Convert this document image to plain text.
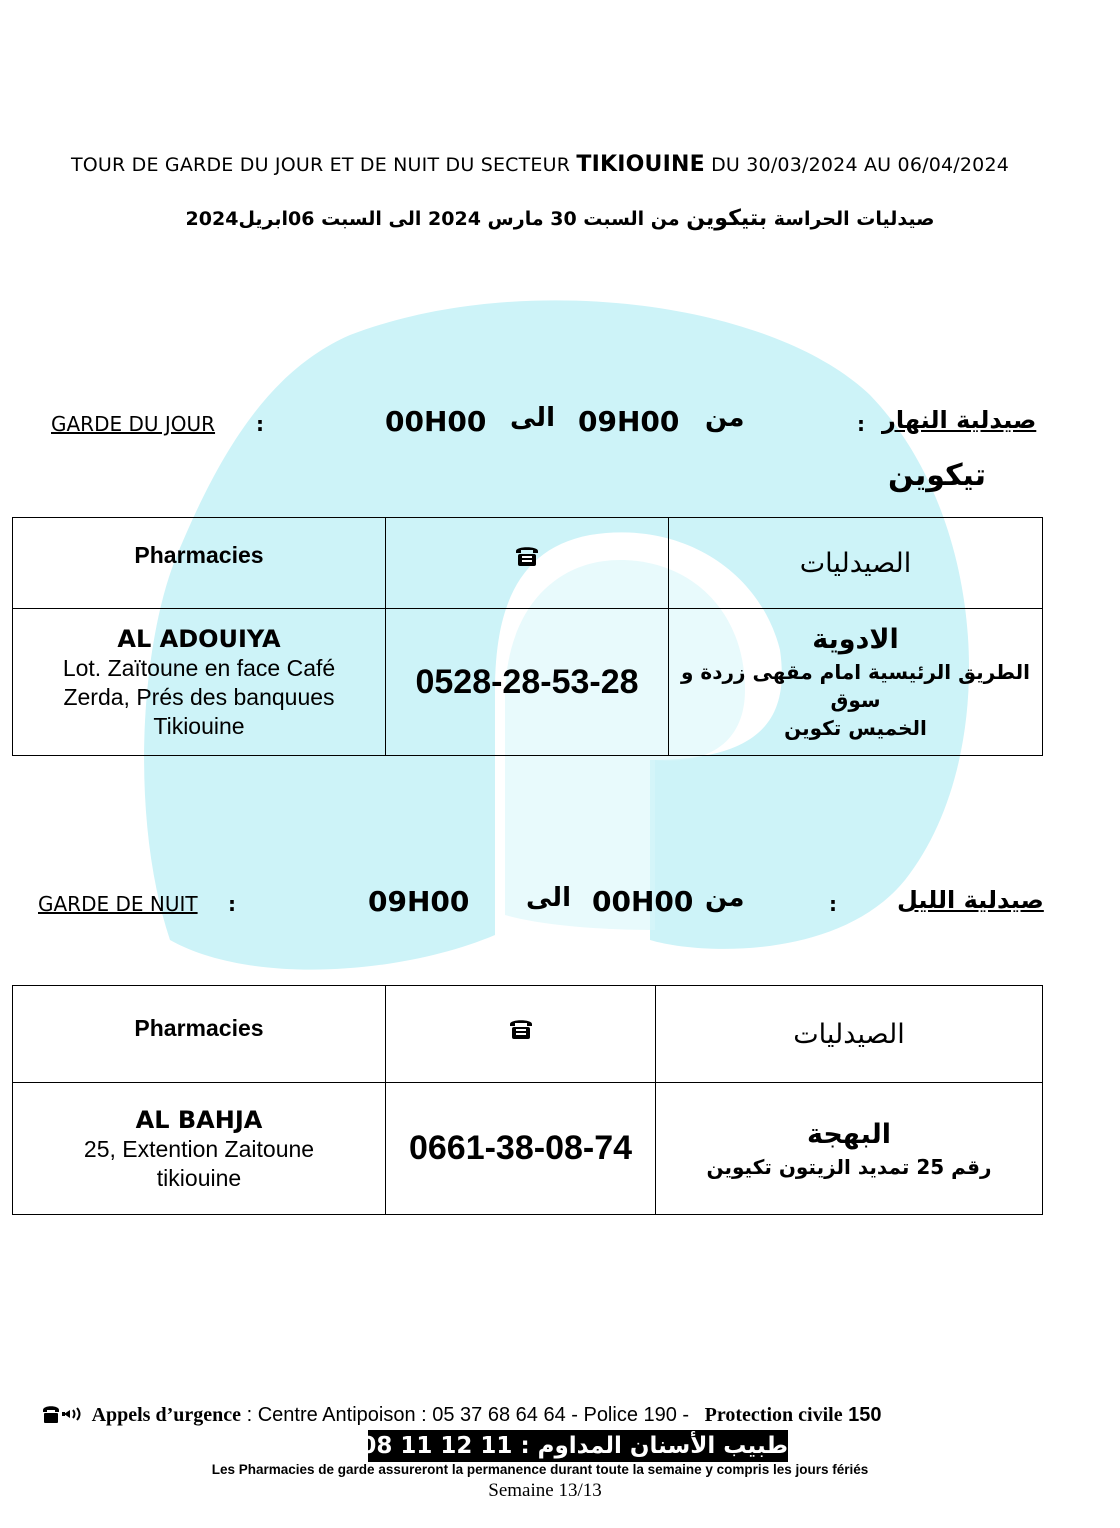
TOUR DE GARDE DU JOUR ET DE NUIT DU SECTEUR TIKIOUINE DU 30/03/2024 AU 06/04/2024
صيدليات الحراسة بتيكوين من السبت 30 مارس 2024 الى السبت 06ابريل2024
GARDE DU JOUR :	00H00 الى 09H00 من	: صيدلية النهار
تيكوين
Pharmacies		الصيدليات

AL ADOUIYA
Lot. Zaïtoune en face Café
Zerda, Prés des banquues
Tikiouine	0528-28-53-28	الادوية
الطريق الرئيسية امام مقهى زردة و سوق
الخميس تكوين
GARDE DE NUIT :	09H00 الى 00H00 من	:	صيدلية الليل
Pharmacies		الصيدليات

AL BAHJA
25, Extention Zaitoune
tikiouine	0661-38-08-74	البهجة
رقم 25 تمديد الزيتون تكيوين
Appels d’urgence : Centre Antipoison : 05 37 68 64 64 - Police 190 - Protection civile 150
طبيب الأسنان المداوم : 11 12 11 08 06
Les Pharmacies de garde assureront la permanence durant toute la semaine y compris les jours fériés
Semaine 13/13
